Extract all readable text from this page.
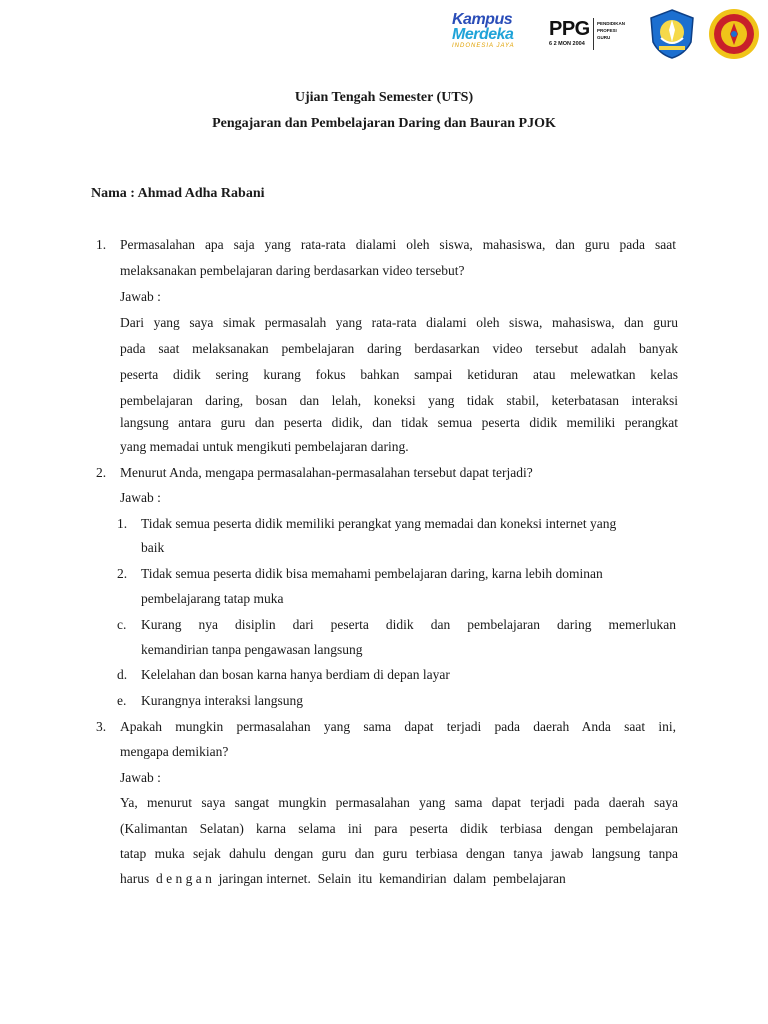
Kampus
Merdeka
INDONESIA JAYA
PPG
6 2 MON 2004
PENDIDIKAN
PROFESI
GURU
Ujian Tengah Semester (UTS)
Pengajaran dan Pembelajaran Daring dan Bauran PJOK
Nama : Ahmad Adha Rabani
1. Permasalahan apa saja yang rata-rata dialami oleh siswa, mahasiswa, dan guru pada saat
melaksanakan pembelajaran daring berdasarkan video tersebut?
Jawab :
Dari yang saya simak permasalah yang rata-rata dialami oleh siswa, mahasiswa, dan guru
pada saat melaksanakan pembelajaran daring berdasarkan video tersebut adalah banyak
peserta didik sering kurang fokus bahkan sampai ketiduran atau melewatkan kelas
pembelajaran daring, bosan dan lelah, koneksi yang tidak stabil, keterbatasan interaksi
langsung antara guru dan peserta didik, dan tidak semua peserta didik memiliki perangkat
yang memadai untuk mengikuti pembelajaran daring.
2. Menurut Anda, mengapa permasalahan-permasalahan tersebut dapat terjadi?
Jawab :
1. Tidak semua peserta didik memiliki perangkat yang memadai dan koneksi internet yang
baik
2. Tidak semua peserta didik bisa memahami pembelajaran daring, karna lebih dominan
pembelajarang tatap muka
c. Kurang nya disiplin dari peserta didik dan pembelajaran daring memerlukan
kemandirian tanpa pengawasan langsung
d. Kelelahan dan bosan karna hanya berdiam di depan layar
e. Kurangnya interaksi langsung
3. Apakah mungkin permasalahan yang sama dapat terjadi pada daerah Anda saat ini,
mengapa demikian?
Jawab :
Ya, menurut saya sangat mungkin permasalahan yang sama dapat terjadi pada daerah saya
(Kalimantan Selatan) karna selama ini para peserta didik terbiasa dengan pembelajaran
tatap muka sejak dahulu dengan guru dan guru terbiasa dengan tanya jawab langsung tanpa
harus  d e n g a n  jaringan internet.  Selain  itu  kemandirian  dalam  pembelajaran
